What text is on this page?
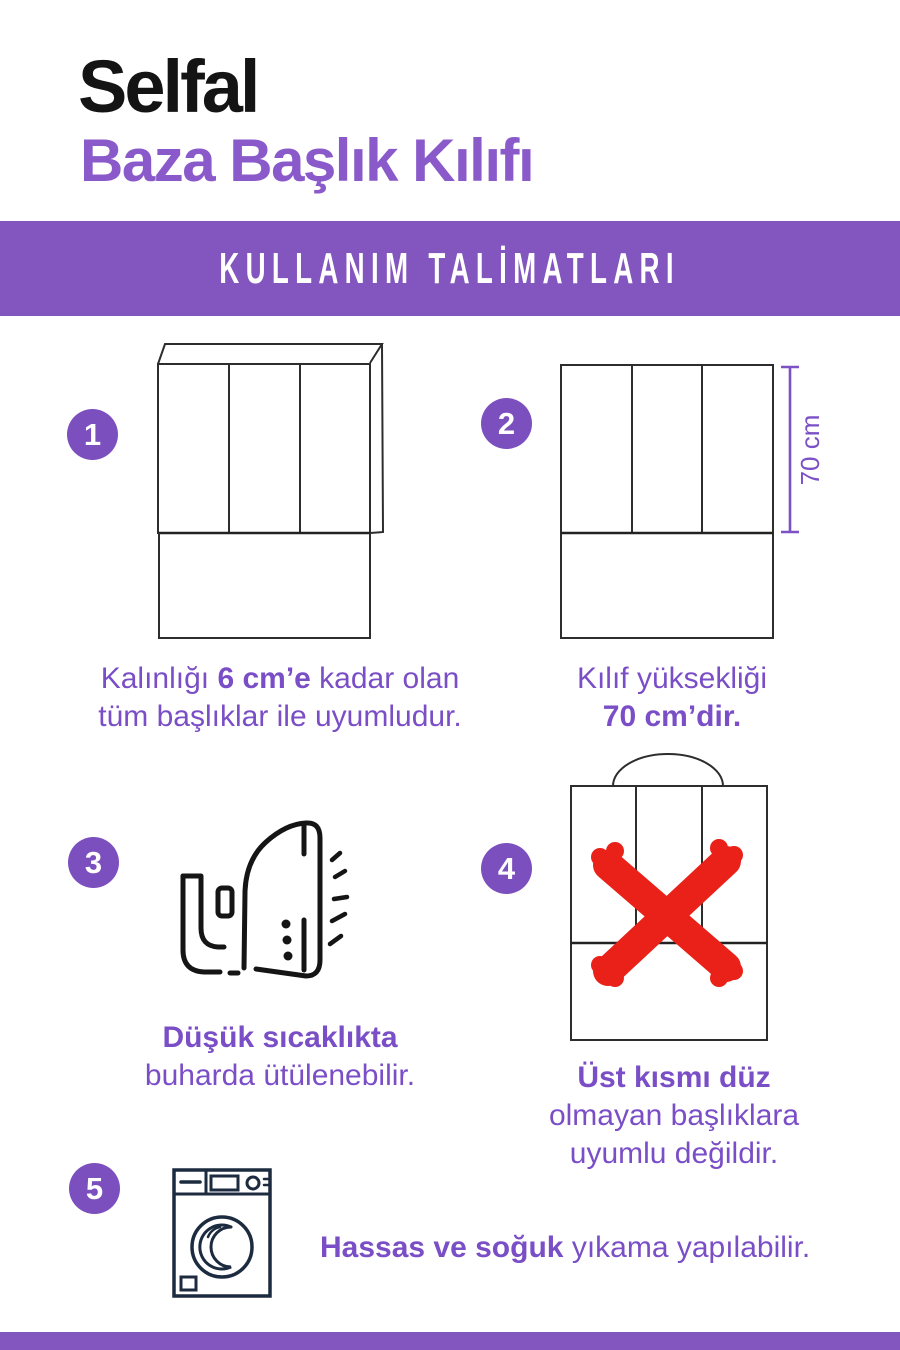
Selfal
Baza Başlık Kılıfı
KULLANIM TALİMATLARI
1
Kalınlığı 6 cm’e kadar olan
tüm başlıklar ile uyumludur.
2	70 cm
Kılıf yüksekliği
70 cm’dir.
3
Düşük sıcaklıkta
buharda ütülenebilir.
4
Üst kısmı düz
olmayan başlıklara
uyumlu değildir.
5
Hassas ve soğuk yıkama yapılabilir.
